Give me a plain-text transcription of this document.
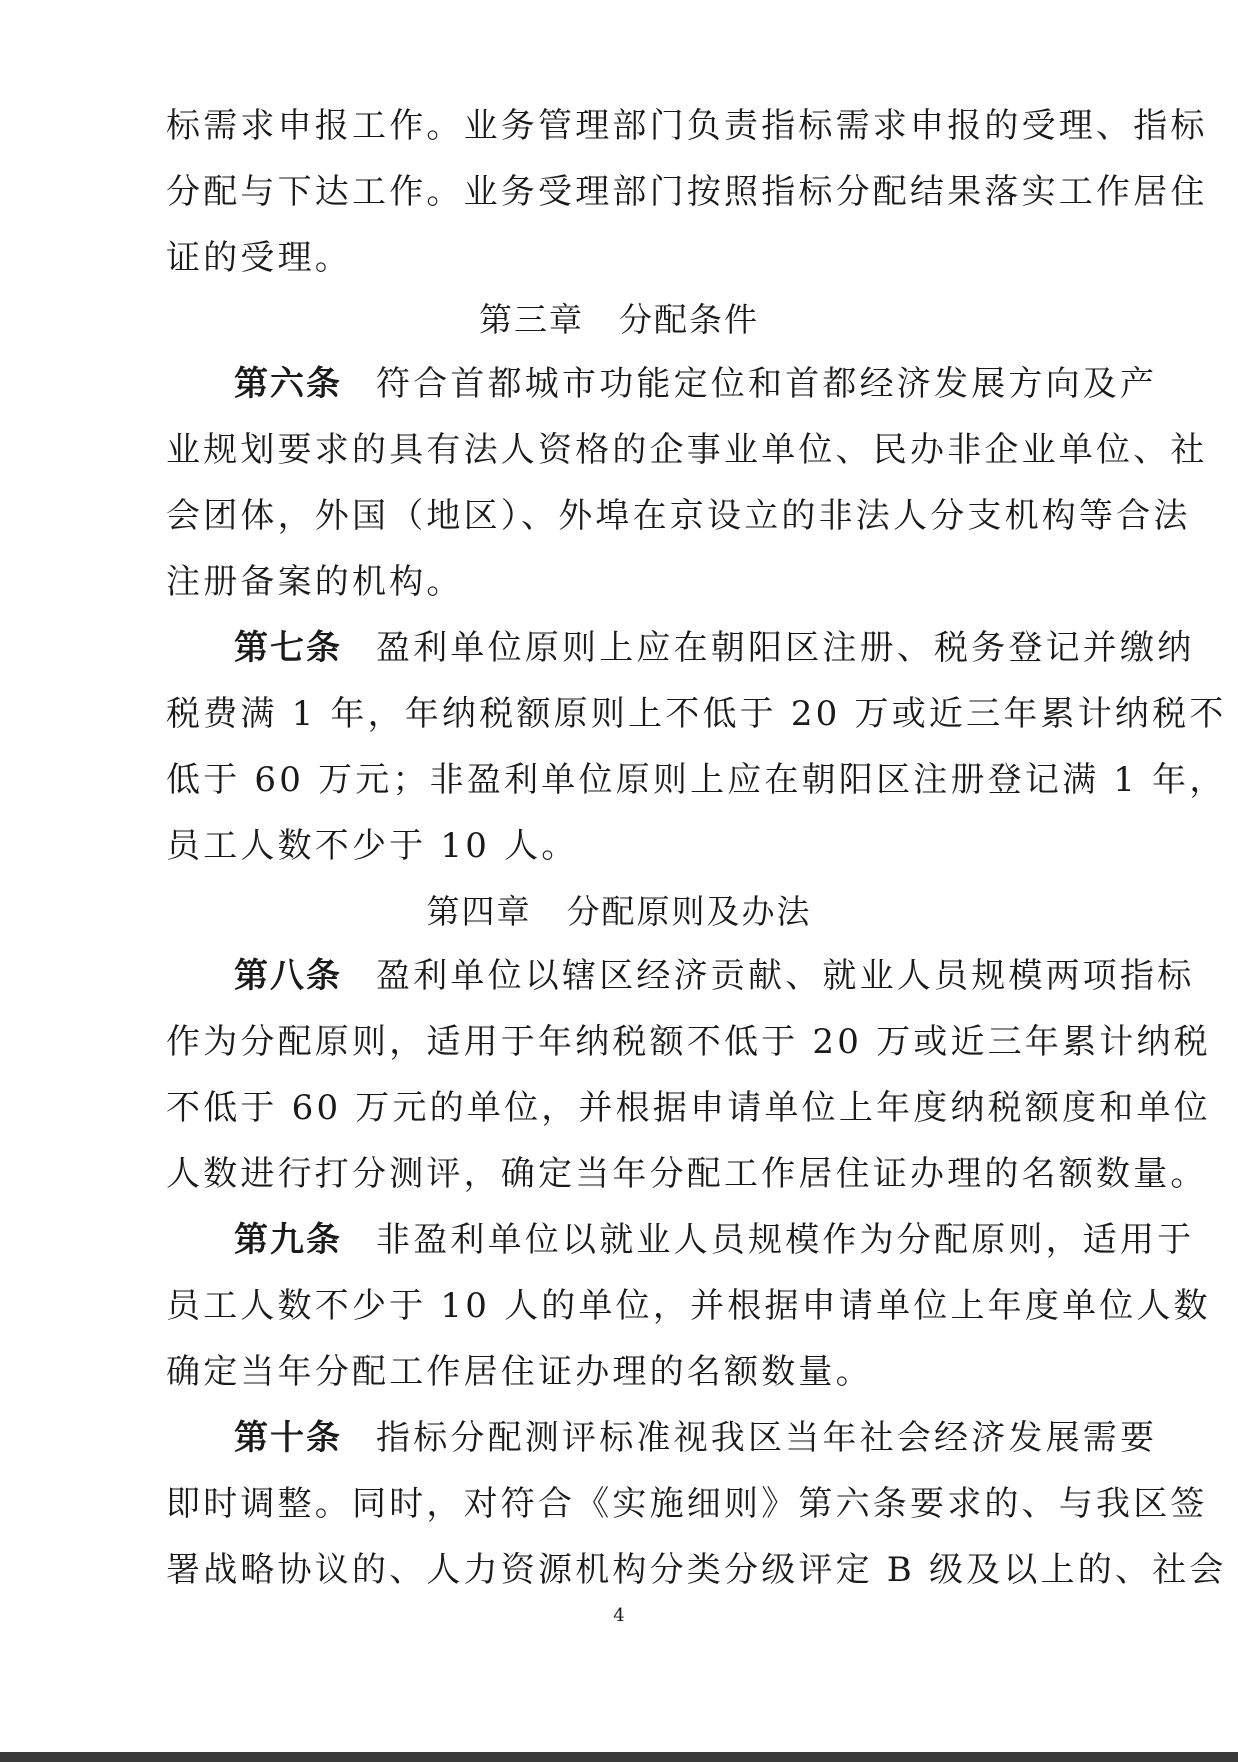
标需求申报工作。业务管理部门负责指标需求申报的受理、指标
分配与下达工作。业务受理部门按照指标分配结果落实工作居住
证的受理。
第三章　分配条件
第六条 符合首都城市功能定位和首都经济发展方向及产
业规划要求的具有法人资格的企事业单位、民办非企业单位、社
会团体，外国（地区）、外埠在京设立的非法人分支机构等合法
注册备案的机构。
第七条 盈利单位原则上应在朝阳区注册、税务登记并缴纳
税费满 1 年，年纳税额原则上不低于 20 万或近三年累计纳税不
低于 60 万元；非盈利单位原则上应在朝阳区注册登记满 1 年，
员工人数不少于 10 人。
第四章　分配原则及办法
第八条 盈利单位以辖区经济贡献、就业人员规模两项指标
作为分配原则，适用于年纳税额不低于 20 万或近三年累计纳税
不低于 60 万元的单位，并根据申请单位上年度纳税额度和单位
人数进行打分测评，确定当年分配工作居住证办理的名额数量。
第九条 非盈利单位以就业人员规模作为分配原则，适用于
员工人数不少于 10 人的单位，并根据申请单位上年度单位人数
确定当年分配工作居住证办理的名额数量。
第十条 指标分配测评标准视我区当年社会经济发展需要
即时调整。同时，对符合《实施细则》第六条要求的、与我区签
署战略协议的、人力资源机构分类分级评定 B 级及以上的、社会
4
